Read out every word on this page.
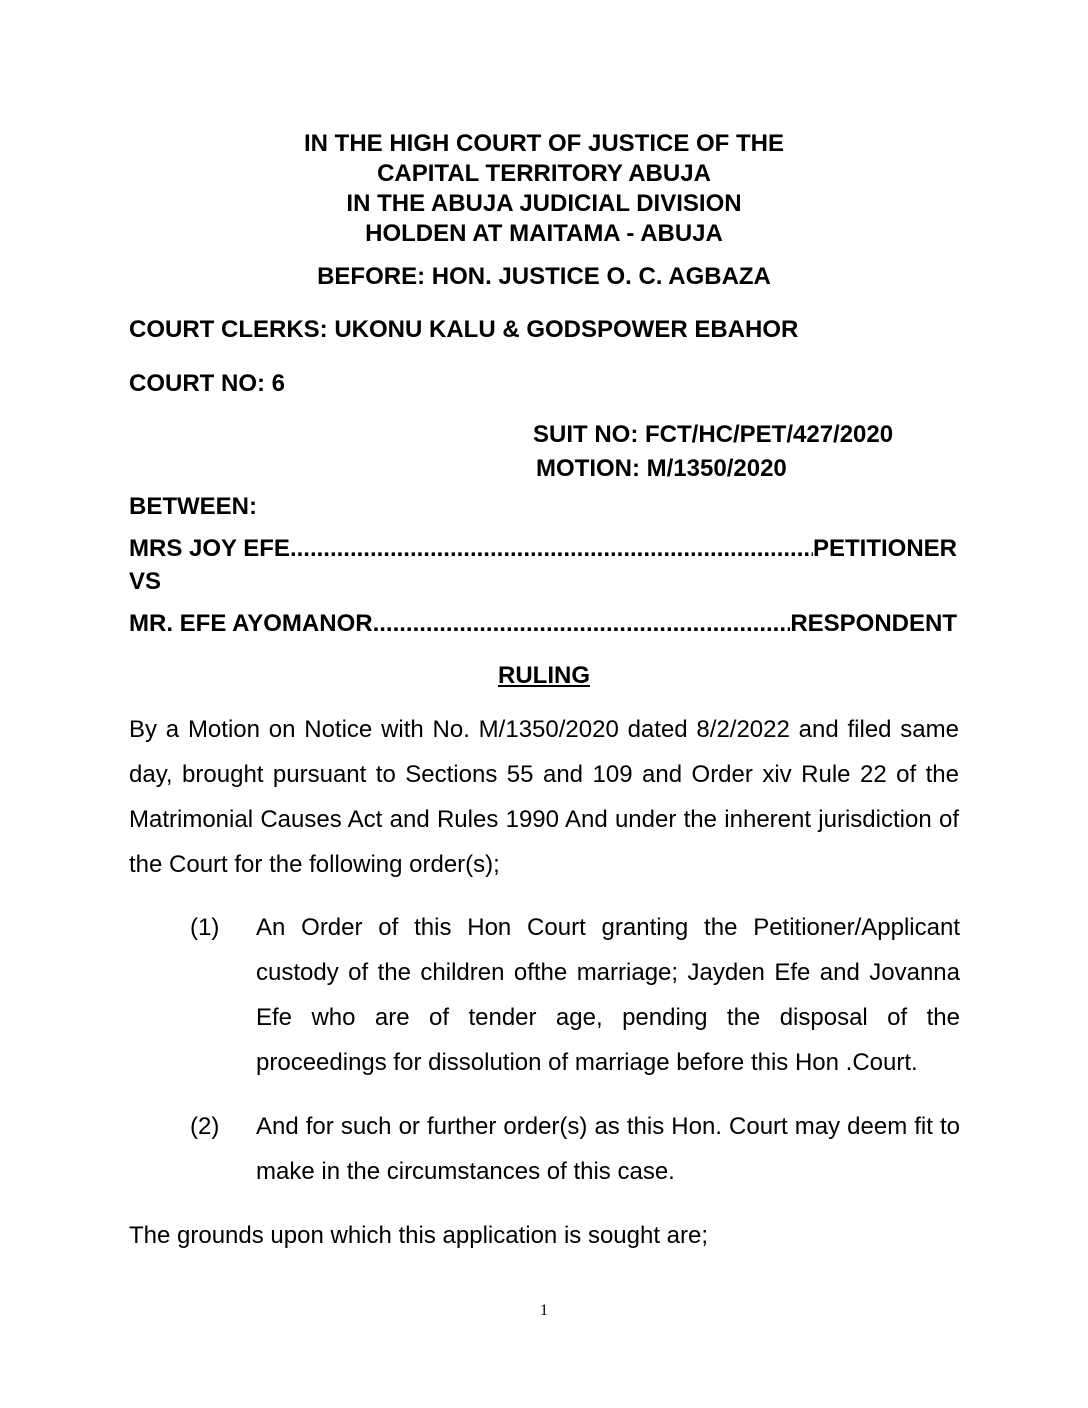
IN THE HIGH COURT OF JUSTICE OF THE
CAPITAL TERRITORY ABUJA
IN THE ABUJA JUDICIAL DIVISION
HOLDEN AT MAITAMA - ABUJA
BEFORE: HON. JUSTICE O. C. AGBAZA
COURT CLERKS: UKONU KALU & GODSPOWER EBAHOR
COURT NO: 6
SUIT NO: FCT/HC/PET/427/2020
MOTION: M/1350/2020
BETWEEN:
MRS JOY EFE .....	PETITIONER
VS
MR. EFE AYOMANOR .....	RESPONDENT
RULING
By a Motion on Notice with No. M/1350/2020 dated 8/2/2022 and filed same day, brought pursuant to Sections 55 and 109 and Order xiv Rule 22 of the Matrimonial Causes Act and Rules 1990 And under the inherent jurisdiction of the Court for the following order(s);
(1) An Order of this Hon Court granting the Petitioner/Applicant custody of the children ofthe marriage; Jayden Efe and Jovanna Efe who are of tender age, pending the disposal of the proceedings for dissolution of marriage before this Hon .Court.
(2) And for such or further order(s) as this Hon. Court may deem fit to make in the circumstances of this case.
The grounds upon which this application is sought are;
1
